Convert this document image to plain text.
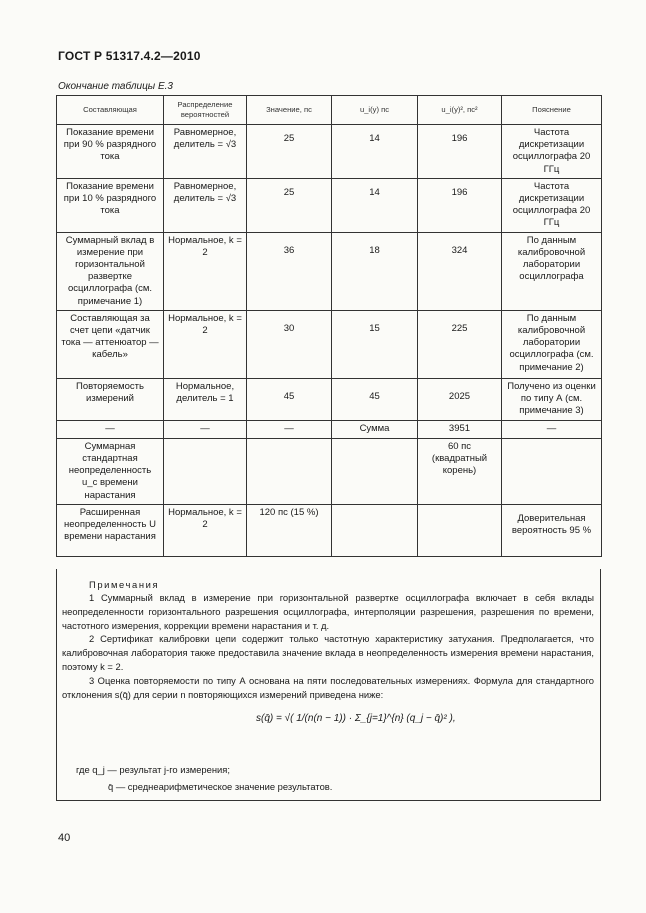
ГОСТ Р 51317.4.2—2010
Окончание таблицы Е.3
Составляющая	Распределение вероятностей	Значение, пс	u_i(y) пс	u_i(y)², пс²	Пояснение
Показание времени при 90 % разрядного тока	Равномерное, делитель = √3	25	14	196	Частота дискретизации осциллографа 20 ГГц
Показание времени при 10 % разрядного тока	Равномерное, делитель = √3	25	14	196	Частота дискретизации осциллографа 20 ГГц
Суммарный вклад в измерение при горизонтальной развертке осциллографа (см. примечание 1)	Нормальное, k = 2	36	18	324	По данным калибровочной лаборатории осциллографа
Составляющая за счет цепи «датчик тока — аттенюатор — кабель»	Нормальное, k = 2	30	15	225	По данным калибровочной лаборатории осциллографа (см. примечание 2)
Повторяемость измерений	Нормальное, делитель = 1	45	45	2025	Получено из оценки по типу А (см. примечание 3)
—	—	—	Сумма	3951	—
Суммарная стандартная неопределенность u_c времени нарастания				60 пс (квадратный корень)	
Расширенная неопределенность U времени нарастания	Нормальное, k = 2	120 пс (15 %)			Доверительная вероятность 95 %
Примечания
1 Суммарный вклад в измерение при горизонтальной развертке осциллографа включает в себя вклады неопределенности горизонтального разрешения осциллографа, интерполяции разрешения, разрешения по времени, частотного измерения, коррекции времени нарастания и т. д.
2 Сертификат калибровки цепи содержит только частотную характеристику затухания. Предполагается, что калибровочная лаборатория также предоставила значение вклада в неопределенность измерения времени нарастания, поэтому k = 2.
3 Оценка повторяемости по типу А основана на пяти последовательных измерениях. Формула для стандартного отклонения s(q̄) для серии n повторяющихся измерений приведена ниже:
s(q̄) = √( 1/(n(n − 1)) · Σ_{j=1}^{n} (q_j − q̄)² ),
где q_j — результат j-го измерения;
q̄ — среднеарифметическое значение результатов.
40
